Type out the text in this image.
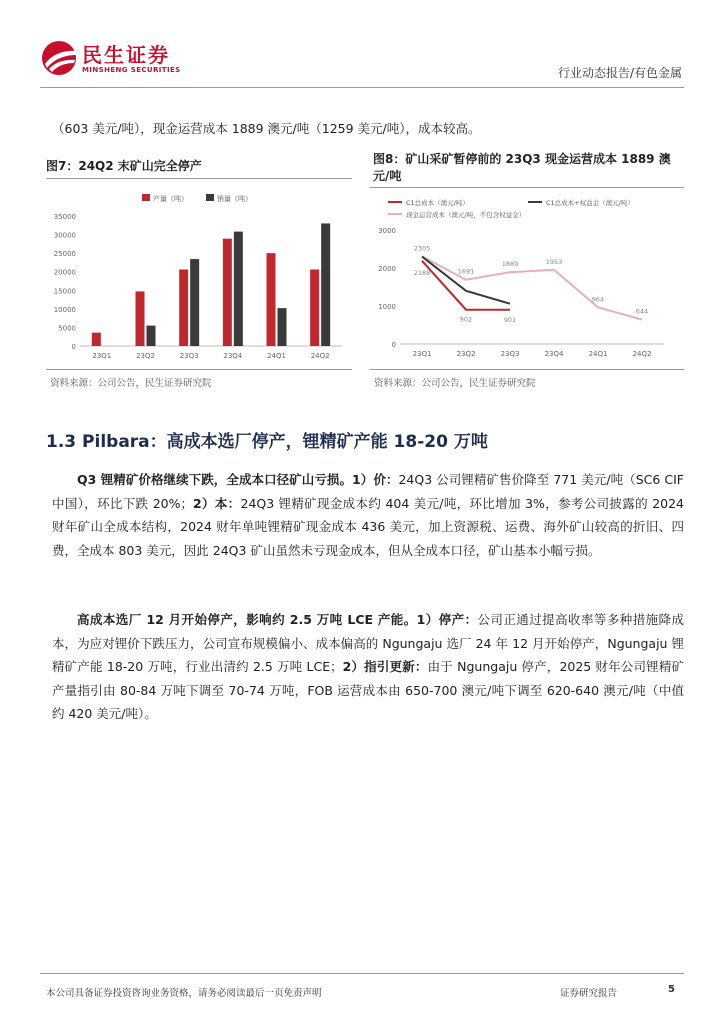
民生证券
MINSHENG SECURITIES	行业动态报告/有色金属

（603 美元/吨），现金运营成本 1889 澳元/吨（1259 美元/吨），成本较高。

图7：24Q2 末矿山完全停产

0
5000
10000
15000
20000
25000
30000
35000
23Q1	23Q2	23Q3	23Q4	24Q1	24Q2
产量（吨）	销量（吨）
资料来源：公司公告，民生证券研究院

图8：矿山采矿暂停前的 23Q3 现金运营成本 1889 澳

元/吨

0
1000
2000
3000
23Q1	23Q2	23Q3	23Q4	24Q1	24Q2
2305
2188	1691
1889	1953
964
644
902	901
C1总成本（澳元/吨）	C1总成本+权益金（澳元/吨）
现金运营成本（澳元/吨，不包含权益金）
资料来源：公司公告，民生证券研究院
1.3 Pilbara：高成本选厂停产，锂精矿产能 18-20 万吨

Q3 锂精矿价格继续下跌，全成本口径矿山亏损。1）价：24Q3 公司锂精矿售价降至 771 美元/吨（SC6 CIF 中国），环比下跌 20%；2）本：24Q3 锂精矿现金成本约 404 美元/吨，环比增加 3%，参考公司披露的 2024 财年矿山全成本结构，2024 财年单吨锂精矿现金成本 436 美元，加上资源税、运费、海外矿山较高的折旧、四费，全成本 803 美元，因此 24Q3 矿山虽然未亏现金成本，但从全成本口径，矿山基本小幅亏损。

高成本选厂 12 月开始停产，影响约 2.5 万吨 LCE 产能。1）停产：公司正通过提高收率等多种措施降成本，为应对锂价下跌压力，公司宣布规模偏小、成本偏高的 Ngungaju 选厂 24 年 12 月开始停产，Ngungaju 锂精矿产能 18-20 万吨，行业出清约 2.5 万吨 LCE；2）指引更新：由于 Ngungaju 停产，2025 财年公司锂精矿产量指引由 80-84 万吨下调至 70-74 万吨，FOB 运营成本由 650-700 澳元/吨下调至 620-640 澳元/吨（中值约 420 美元/吨）。

本公司具备证券投资咨询业务资格，请务必阅读最后一页免责声明	证券研究报告	5
